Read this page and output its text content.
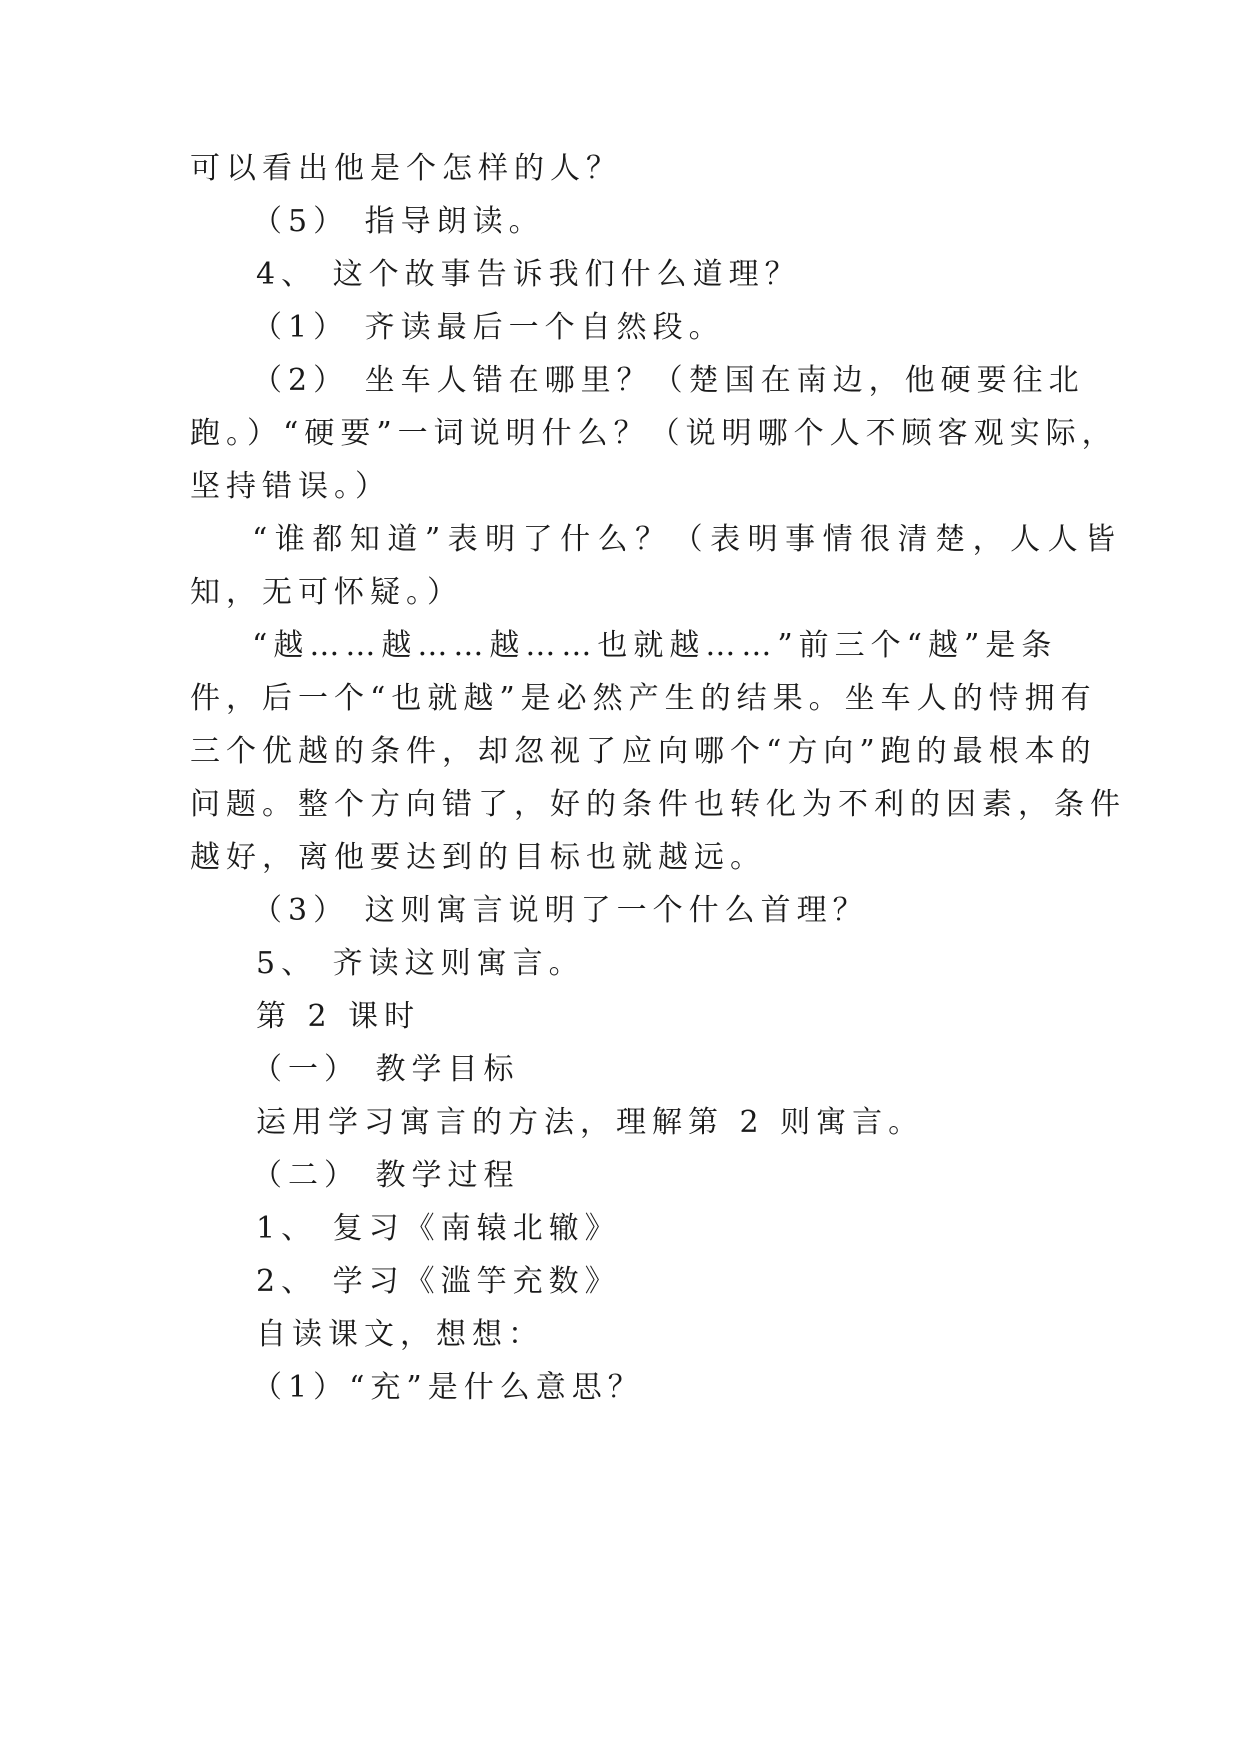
可以看出他是个怎样的人？
（5） 指导朗读。
4、 这个故事告诉我们什么道理？
（1） 齐读最后一个自然段。
（2） 坐车人错在哪里？（楚国在南边，他硬要往北
跑。）“硬要”一词说明什么？（说明哪个人不顾客观实际，
坚持错误。）
“谁都知道”表明了什么？（表明事情很清楚，人人皆
知，无可怀疑。）
“越……越……越……也就越……”前三个“越”是条
件，后一个“也就越”是必然产生的结果。坐车人的恃拥有
三个优越的条件，却忽视了应向哪个“方向”跑的最根本的
问题。整个方向错了，好的条件也转化为不利的因素，条件
越好，离他要达到的目标也就越远。
（3） 这则寓言说明了一个什么首理？
5、 齐读这则寓言。
第 2 课时
（一） 教学目标
运用学习寓言的方法，理解第 2 则寓言。
（二） 教学过程
1、 复习《南辕北辙》
2、 学习《滥竽充数》
自读课文，想想：
（1）“充”是什么意思？
